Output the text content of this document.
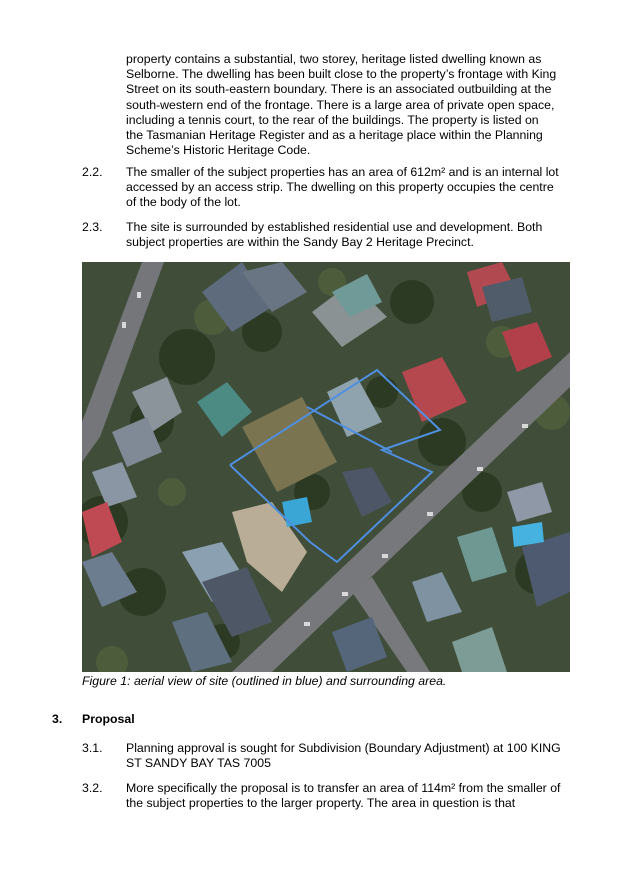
property contains a substantial, two storey, heritage listed dwelling known as
Selborne. The dwelling has been built close to the property’s frontage with King
Street on its south-eastern boundary. There is an associated outbuilding at the
south-western end of the frontage. There is a large area of private open space,
including a tennis court, to the rear of the buildings. The property is listed on
the Tasmanian Heritage Register and as a heritage place within the Planning
Scheme’s Historic Heritage Code.
2.2. The smaller of the subject properties has an area of 612m² and is an internal lot
accessed by an access strip. The dwelling on this property occupies the centre
of the body of the lot.
2.3. The site is surrounded by established residential use and development. Both
subject properties are within the Sandy Bay 2 Heritage Precinct.
Figure 1: aerial view of site (outlined in blue) and surrounding area.
3. Proposal
3.1. Planning approval is sought for Subdivision (Boundary Adjustment) at 100 KING
ST SANDY BAY TAS 7005
3.2. More specifically the proposal is to transfer an area of 114m² from the smaller of
the subject properties to the larger property. The area in question is that
